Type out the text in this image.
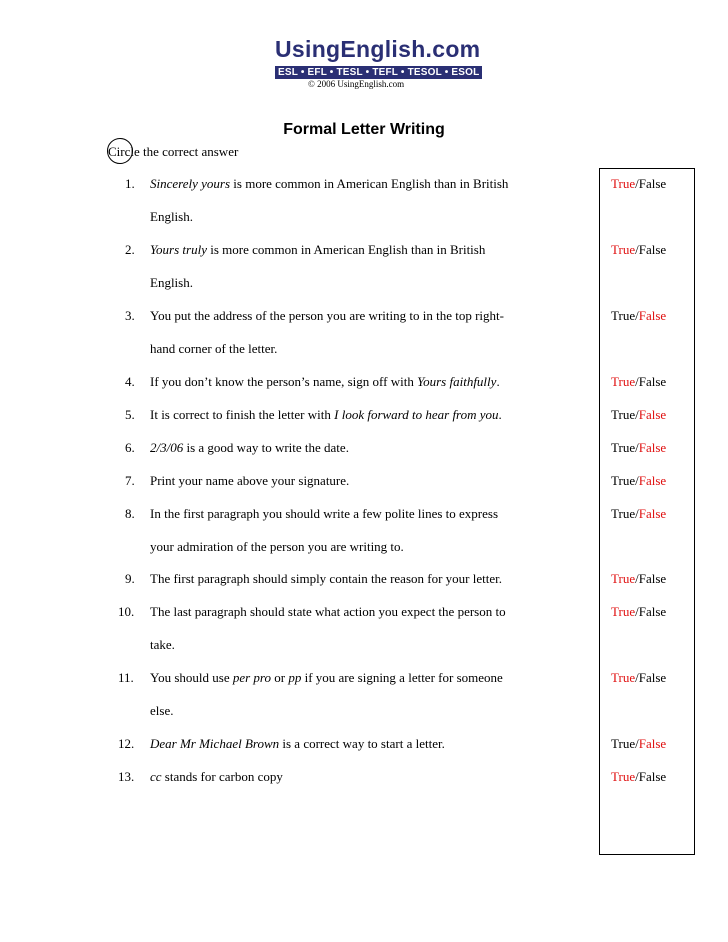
UsingEnglish.com
ESL • EFL • TESL • TEFL • TESOL • ESOL
© 2006 UsingEnglish.com
Formal Letter Writing
Circle the correct answer
1. Sincerely yours is more common in American English than in British
English.
True/False
2. Yours truly is more common in American English than in British
English.
True/False
3. You put the address of the person you are writing to in the top right-
hand corner of the letter.
True/False
4. If you don’t know the person’s name, sign off with Yours faithfully.	True/False
5. It is correct to finish the letter with I look forward to hear from you.	True/False
6. 2/3/06 is a good way to write the date.	True/False
7. Print your name above your signature.	True/False
8. In the first paragraph you should write a few polite lines to express
your admiration of the person you are writing to.
True/False
9. The first paragraph should simply contain the reason for your letter.	True/False
10. The last paragraph should state what action you expect the person to
take.
True/False
11. You should use per pro or pp if you are signing a letter for someone
else.
True/False
12. Dear Mr Michael Brown is a correct way to start a letter.	True/False
13. cc stands for carbon copy	True/False
